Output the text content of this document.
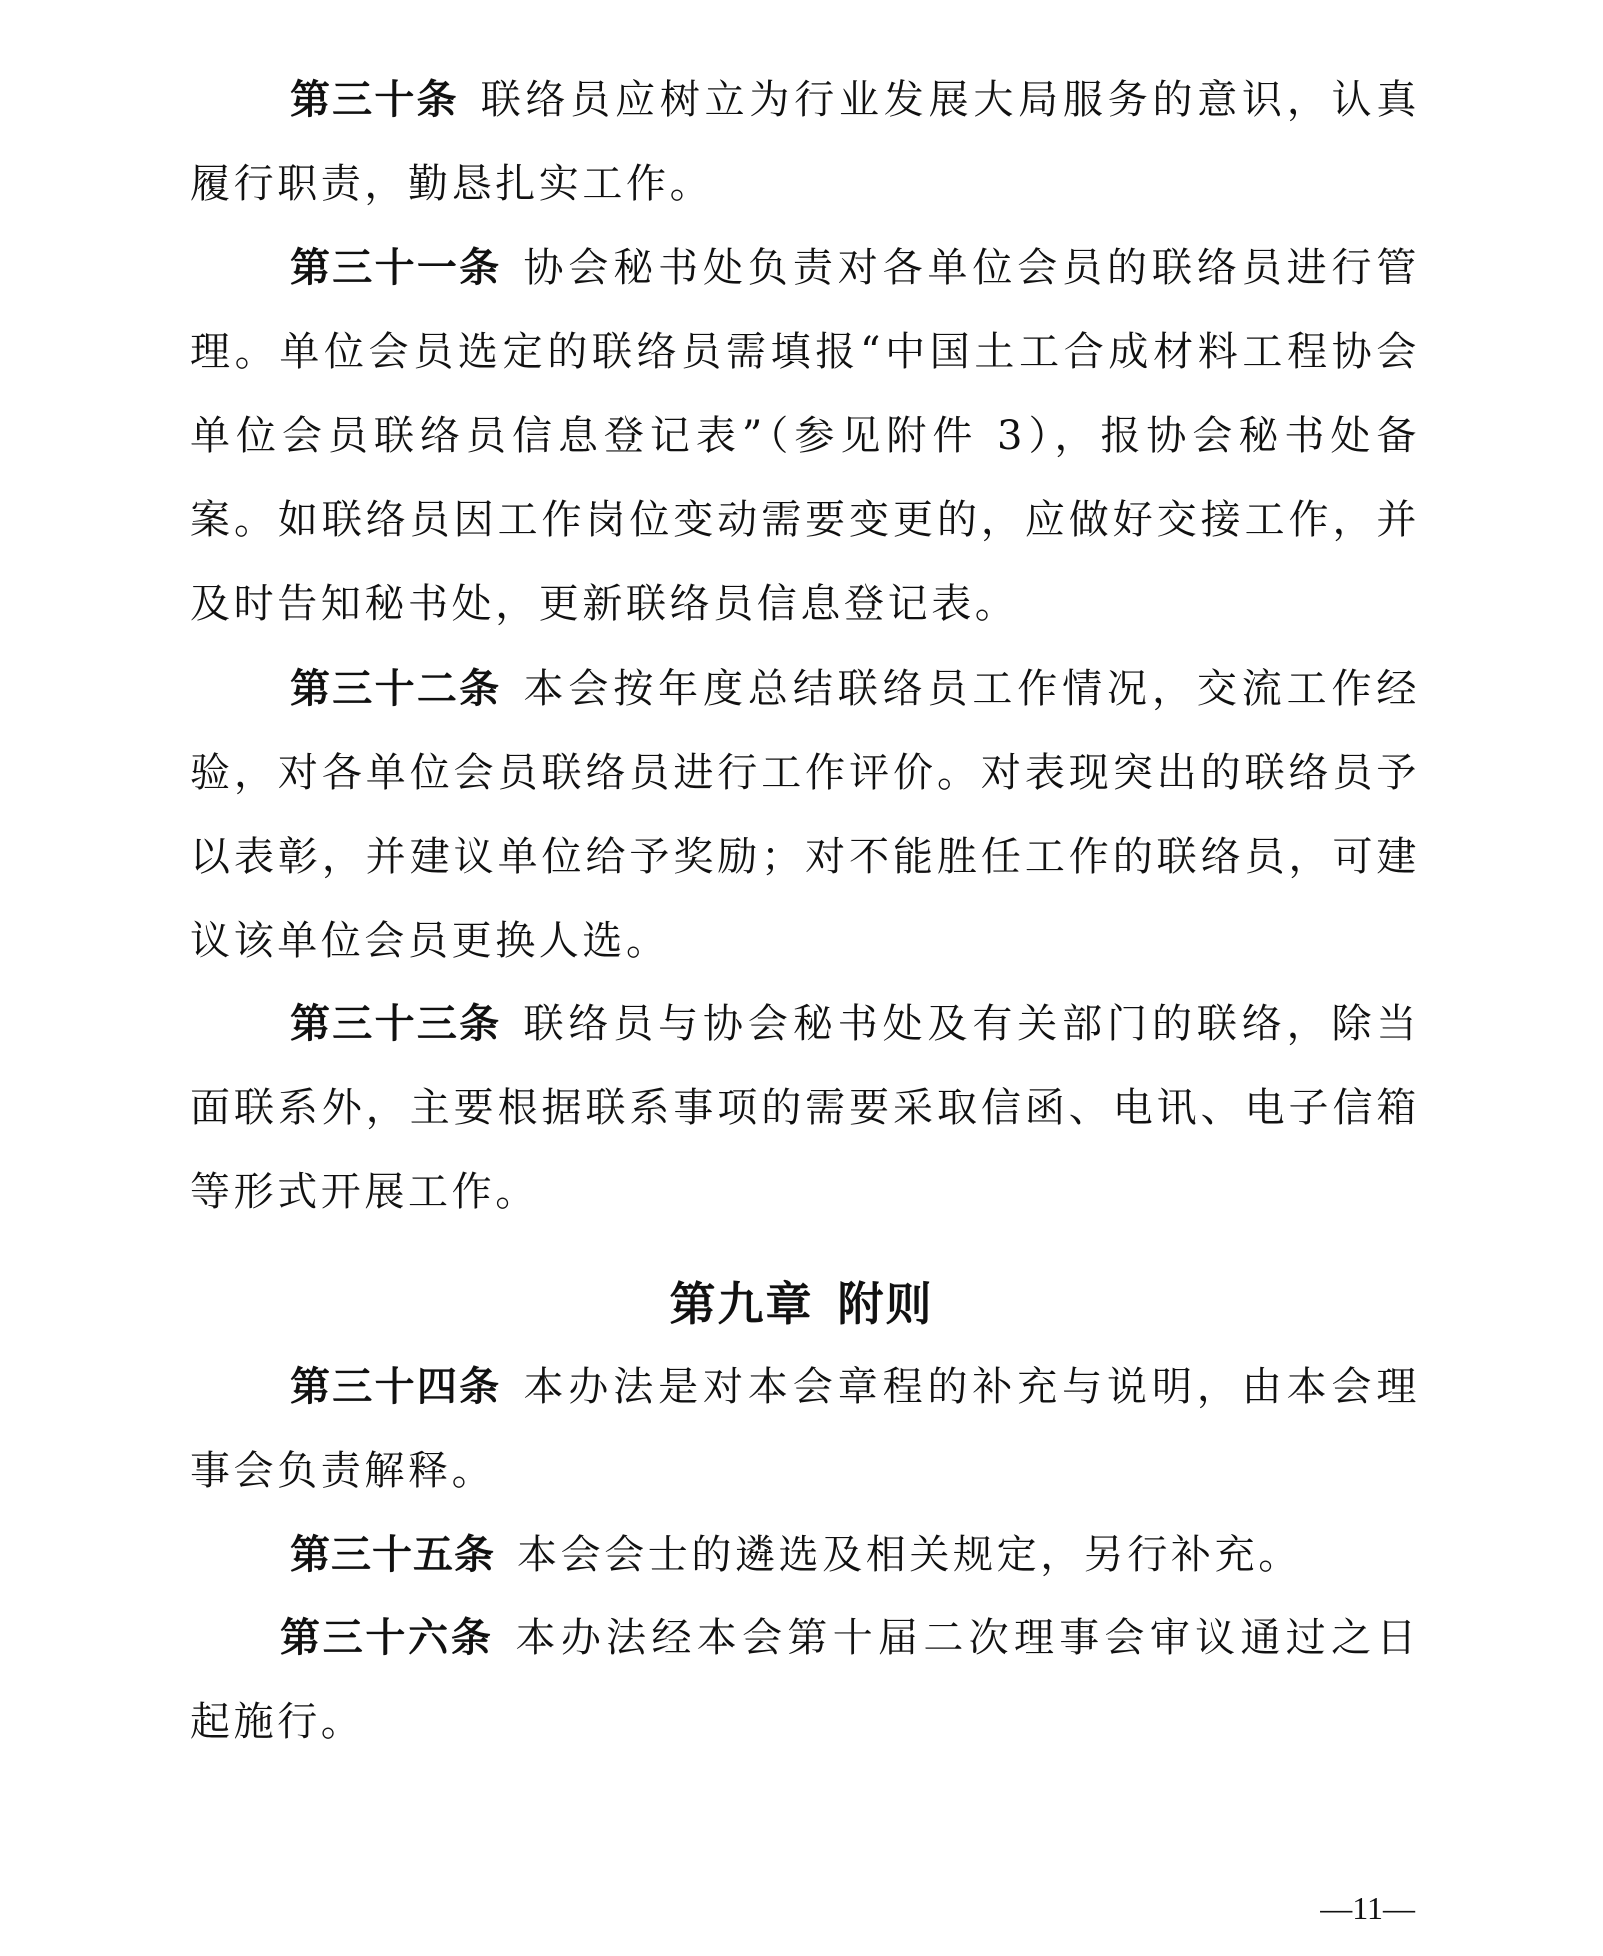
第三十条 联络员应树立为行业发展大局服务的意识，认真履行职责，勤恳扎实工作。

第三十一条 协会秘书处负责对各单位会员的联络员进行管理。单位会员选定的联络员需填报“中国土工合成材料工程协会单位会员联络员信息登记表”（参见附件 3），报协会秘书处备案。如联络员因工作岗位变动需要变更的，应做好交接工作，并及时告知秘书处，更新联络员信息登记表。

第三十二条 本会按年度总结联络员工作情况，交流工作经验，对各单位会员联络员进行工作评价。对表现突出的联络员予以表彰，并建议单位给予奖励；对不能胜任工作的联络员，可建议该单位会员更换人选。

第三十三条 联络员与协会秘书处及有关部门的联络，除当面联系外，主要根据联系事项的需要采取信函、电讯、电子信箱等形式开展工作。

第九章 附则

第三十四条 本办法是对本会章程的补充与说明，由本会理事会负责解释。

第三十五条 本会会士的遴选及相关规定，另行补充。

第三十六条 本办法经本会第十届二次理事会审议通过之日起施行。

—11—
